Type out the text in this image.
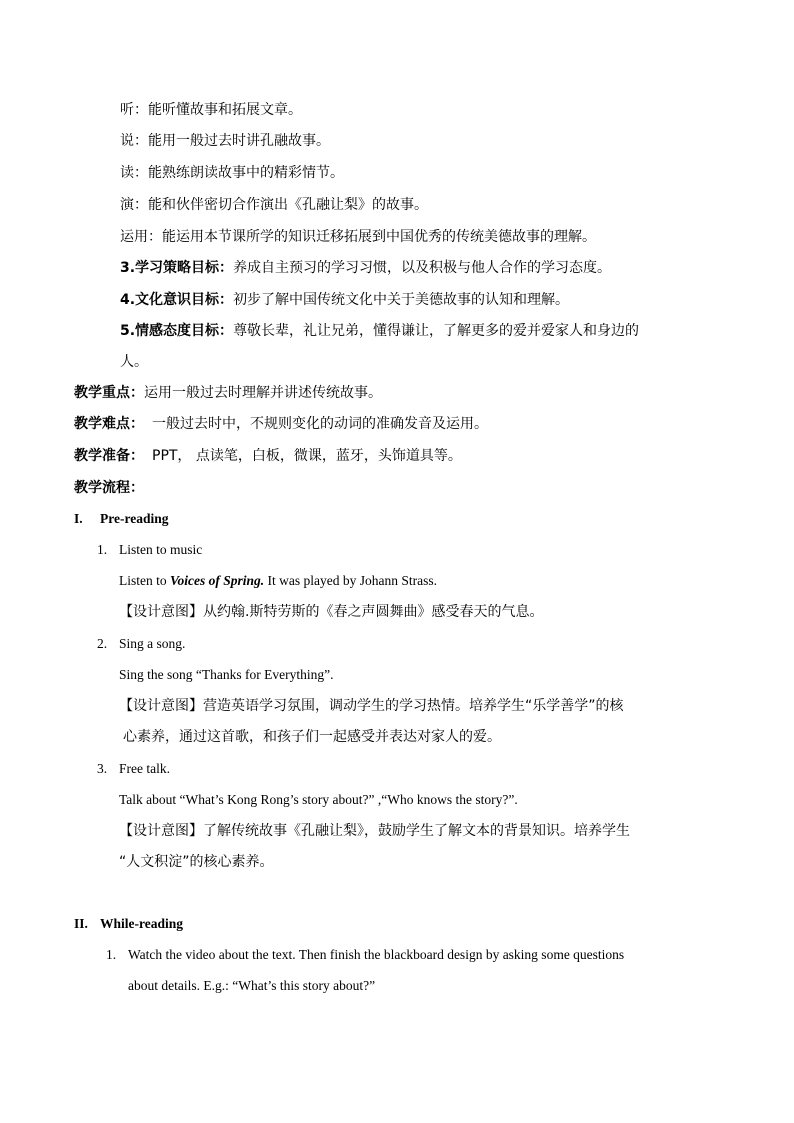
听：能听懂故事和拓展文章。
说：能用一般过去时讲孔融故事。
读：能熟练朗读故事中的精彩情节。
演：能和伙伴密切合作演出《孔融让梨》的故事。
运用：能运用本节课所学的知识迁移拓展到中国优秀的传统美德故事的理解。
3.学习策略目标：养成自主预习的学习习惯，以及积极与他人合作的学习态度。
4.文化意识目标：初步了解中国传统文化中关于美德故事的认知和理解。
5.情感态度目标：尊敬长辈，礼让兄弟，懂得谦让，了解更多的爱并爱家人和身边的
人。
教学重点：运用一般过去时理解并讲述传统故事。
教学难点： 一般过去时中，不规则变化的动词的准确发音及运用。
教学准备： PPT， 点读笔，白板，微课，蓝牙，头饰道具等。
教学流程：
I. Pre-reading
1. Listen to music
Listen to Voices of Spring. It was played by Johann Strass.
【设计意图】从约翰.斯特劳斯的《春之声圆舞曲》感受春天的气息。
2. Sing a song.
Sing the song “Thanks for Everything”.
【设计意图】营造英语学习氛围，调动学生的学习热情。培养学生“乐学善学”的核
心素养，通过这首歌，和孩子们一起感受并表达对家人的爱。
3. Free talk.
Talk about “What’s Kong Rong’s story about?” ,“Who knows the story?”.
【设计意图】了解传统故事《孔融让梨》，鼓励学生了解文本的背景知识。培养学生
“人文积淀”的核心素养。
II. While-reading
1. Watch the video about the text. Then finish the blackboard design by asking some questions
about details. E.g.: “What’s this story about?”
